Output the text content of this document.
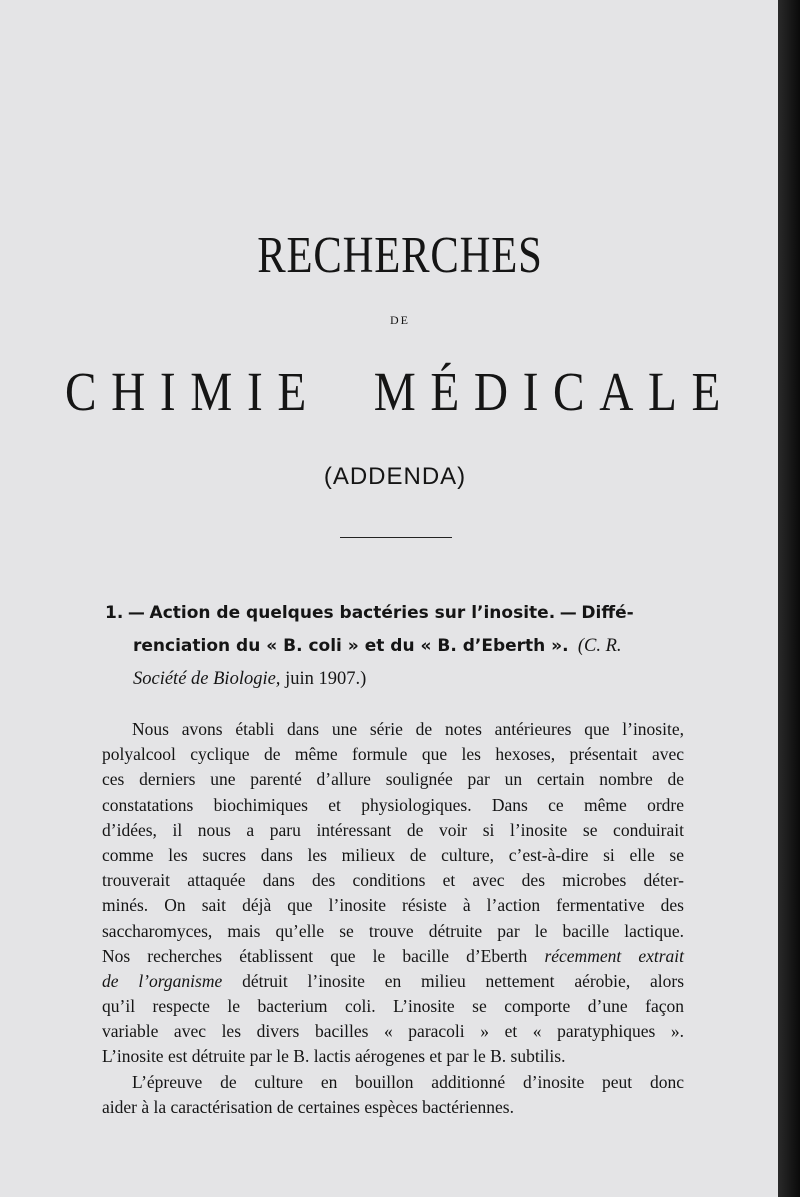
RECHERCHES
DE
CHIMIE  MÉDICALE
(ADDENDA)
1. — Action de quelques bactéries sur l’inosite. — Diffé-
renciation du « B. coli » et du « B. d’Eberth ». (C. R.
Société de Biologie, juin 1907.)
Nous avons établi dans une série de notes antérieures que l’inosite,
polyalcool cyclique de même formule que les hexoses, présentait avec
ces derniers une parenté d’allure soulignée par un certain nombre de
constatations biochimiques et physiologiques. Dans ce même ordre
d’idées, il nous a paru intéressant de voir si l’inosite se conduirait
comme les sucres dans les milieux de culture, c’est-à-dire si elle se
trouverait attaquée dans des conditions et avec des microbes déter-
minés. On sait déjà que l’inosite résiste à l’action fermentative des
saccharomyces, mais qu’elle se trouve détruite par le bacille lactique.
Nos recherches établissent que le bacille d’Eberth récemment extrait
de l’organisme détruit l’inosite en milieu nettement aérobie, alors
qu’il respecte le bacterium coli. L’inosite se comporte d’une façon
variable avec les divers bacilles « paracoli » et « paratyphiques ».
L’inosite est détruite par le B. lactis aérogenes et par le B. subtilis.
L’épreuve de culture en bouillon additionné d’inosite peut donc
aider à la caractérisation de certaines espèces bactériennes.
